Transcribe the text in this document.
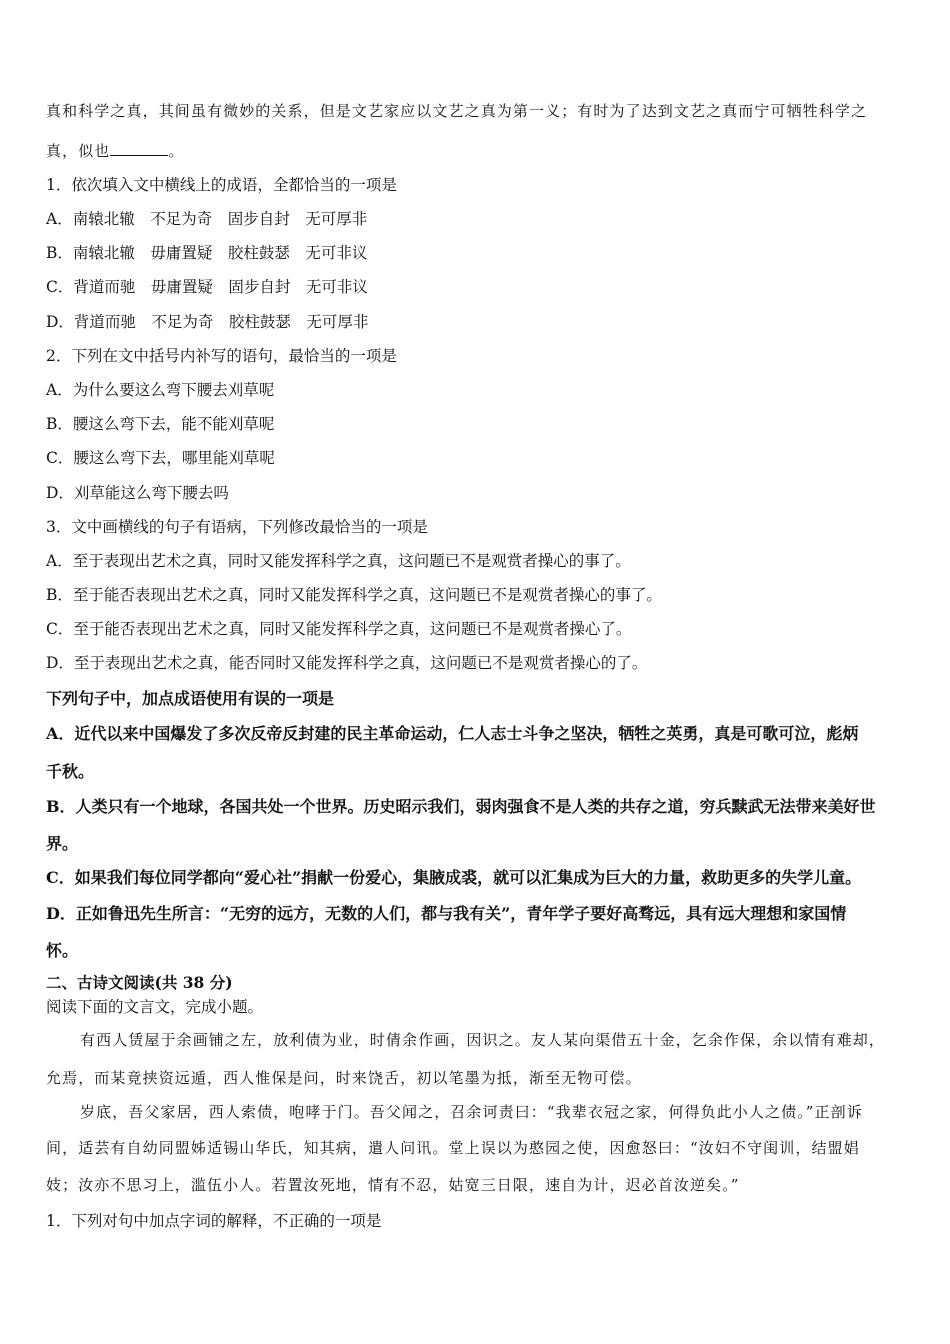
真和科学之真，其间虽有微妙的关系，但是文艺家应以文艺之真为第一义；有时为了达到文艺之真而宁可牺牲科学之
真，似也	。
1．依次填入文中横线上的成语，全都恰当的一项是
A．南辕北辙　不足为奇　固步自封　无可厚非
B．南辕北辙　毋庸置疑　胶柱鼓瑟　无可非议
C．背道而驰　毋庸置疑　固步自封　无可非议
D．背道而驰　不足为奇　胶柱鼓瑟　无可厚非
2．下列在文中括号内补写的语句，最恰当的一项是
A．为什么要这么弯下腰去刈草呢
B．腰这么弯下去，能不能刈草呢
C．腰这么弯下去，哪里能刈草呢
D．刈草能这么弯下腰去吗
3．文中画横线的句子有语病，下列修改最恰当的一项是
A．至于表现出艺术之真，同时又能发挥科学之真，这问题已不是观赏者操心的事了。
B．至于能否表现出艺术之真，同时又能发挥科学之真，这问题已不是观赏者操心的事了。
C．至于能否表现出艺术之真，同时又能发挥科学之真，这问题已不是观赏者操心了。
D．至于表现出艺术之真，能否同时又能发挥科学之真，这问题已不是观赏者操心的了。
下列句子中，加点成语使用有误的一项是
A．近代以来中国爆发了多次反帝反封建的民主革命运动，仁人志士斗争之坚决，牺牲之英勇，真是可歌可泣，彪炳
千秋。
B．人类只有一个地球，各国共处一个世界。历史昭示我们，弱肉强食不是人类的共存之道，穷兵黩武无法带来美好世
界。
C．如果我们每位同学都向“爱心社”捐献一份爱心，集腋成裘，就可以汇集成为巨大的力量，救助更多的失学儿童。
D．正如鲁迅先生所言：“无穷的远方，无数的人们，都与我有关”，青年学子要好高骛远，具有远大理想和家国情
怀。
二、古诗文阅读(共 38 分)
阅读下面的文言文，完成小题。
有西人赁屋于余画铺之左，放利债为业，时倩余作画，因识之。友人某向渠借五十金，乞余作保，余以情有难却，
允焉，而某竟挟资远遁，西人惟保是问，时来饶舌，初以笔墨为抵，渐至无物可偿。
岁底，吾父家居，西人索债，咆哮于门。吾父闻之，召余诃责曰：“我辈衣冠之家，何得负此小人之债。”正剖诉
间，适芸有自幼同盟姊适锡山华氏，知其病，遣人问讯。堂上误以为憨园之使，因愈怒曰：“汝妇不守闺训，结盟娼
妓；汝亦不思习上，滥伍小人。若置汝死地，情有不忍，姑宽三日限，速自为计，迟必首汝逆矣。”
1．下列对句中加点字词的解释，不正确的一项是
